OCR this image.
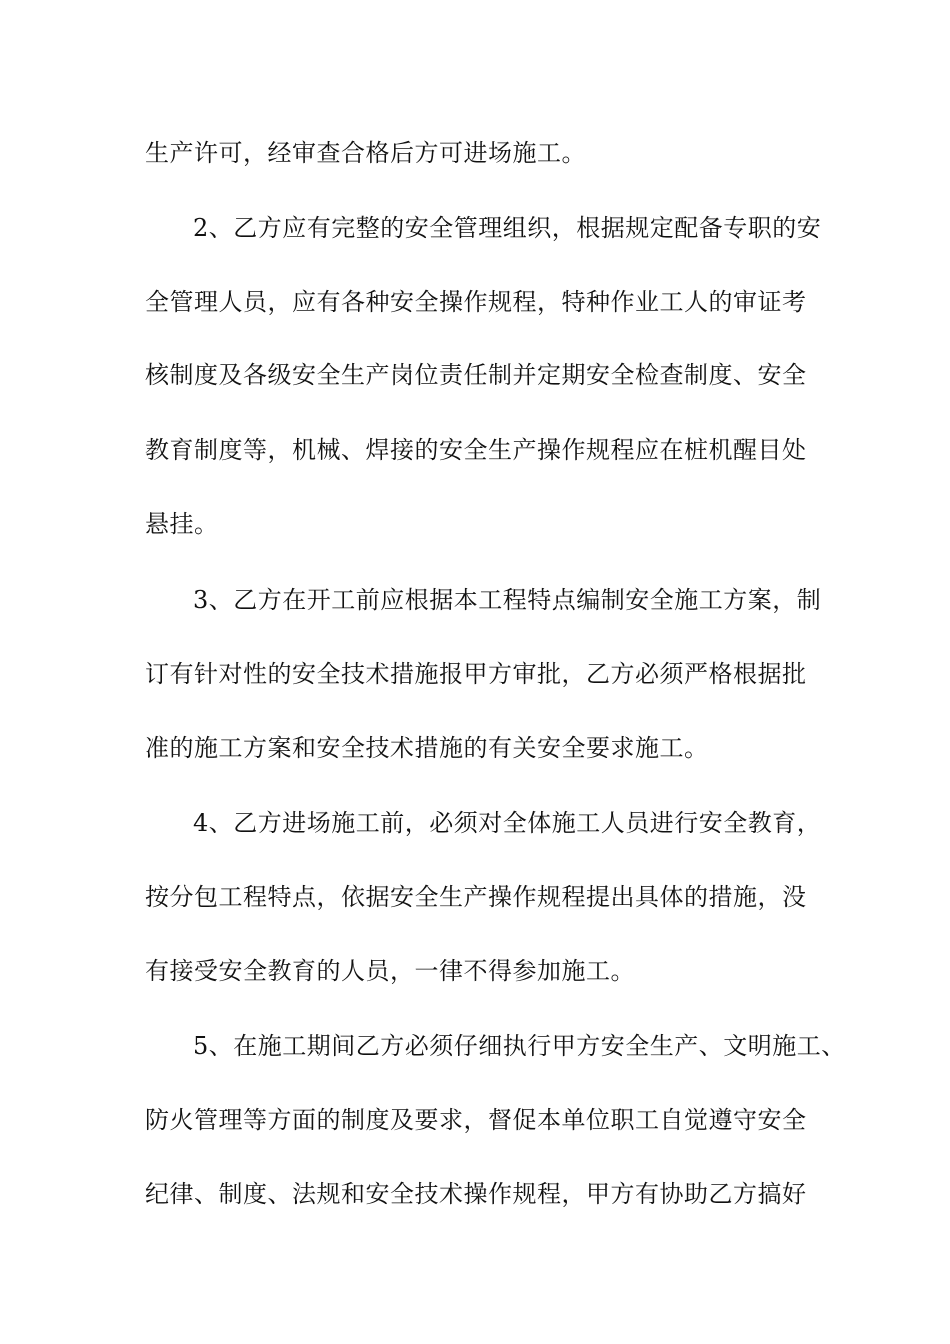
生产许可，经审查合格后方可进场施工。
2、乙方应有完整的安全管理组织，根据规定配备专职的安
全管理人员，应有各种安全操作规程，特种作业工人的审证考
核制度及各级安全生产岗位责任制并定期安全检查制度、安全
教育制度等，机械、焊接的安全生产操作规程应在桩机醒目处
悬挂。
3、乙方在开工前应根据本工程特点编制安全施工方案，制
订有针对性的安全技术措施报甲方审批，乙方必须严格根据批
准的施工方案和安全技术措施的有关安全要求施工。
4、乙方进场施工前，必须对全体施工人员进行安全教育，
按分包工程特点，依据安全生产操作规程提出具体的措施，没
有接受安全教育的人员，一律不得参加施工。
5、在施工期间乙方必须仔细执行甲方安全生产、文明施工、
防火管理等方面的制度及要求，督促本单位职工自觉遵守安全
纪律、制度、法规和安全技术操作规程，甲方有协助乙方搞好
